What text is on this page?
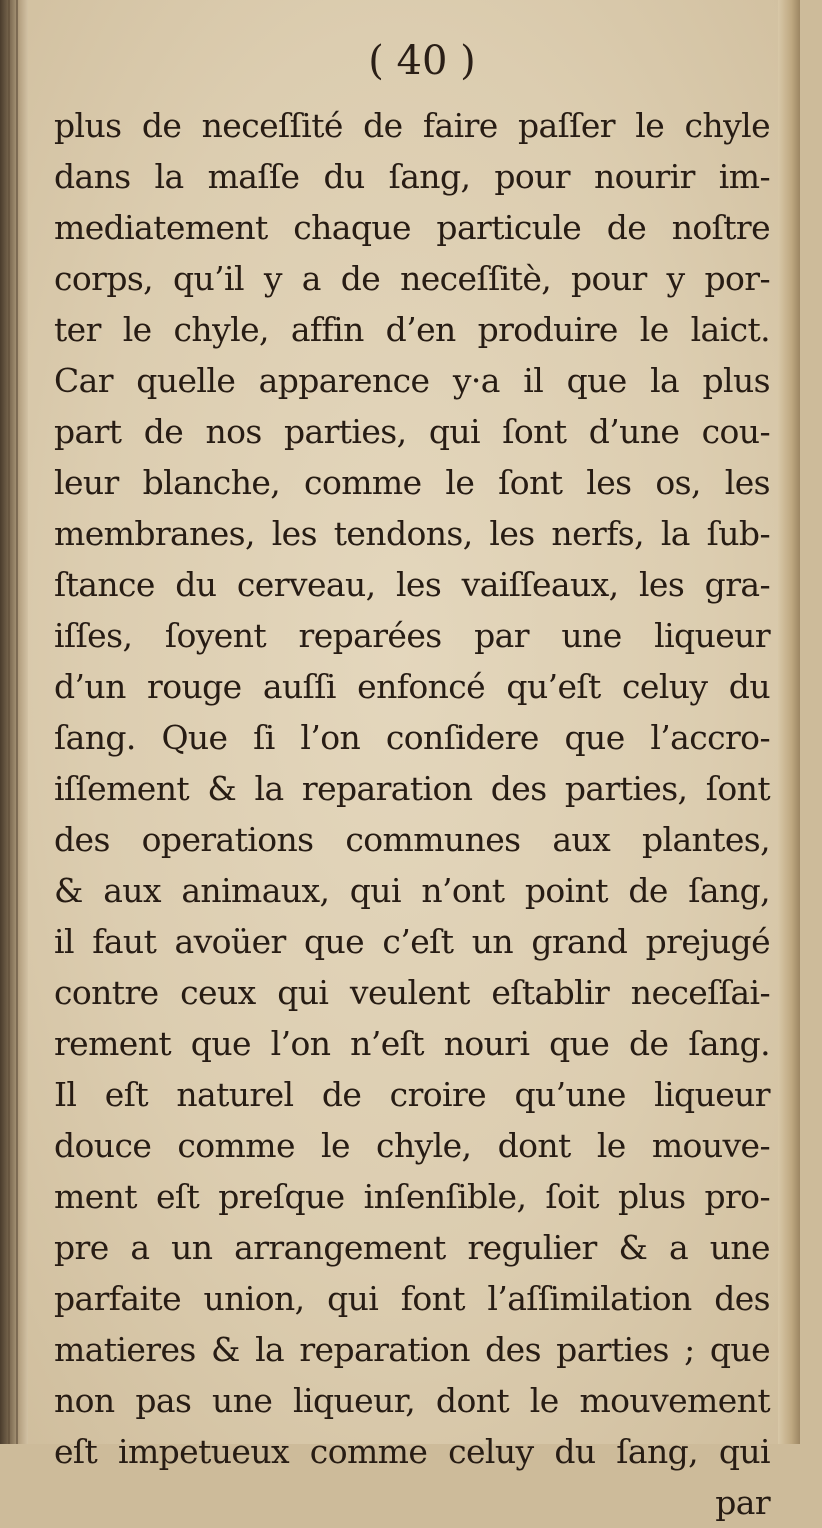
( 40 )
plus de neceſſité de faire paſſer le chyle
dans la maſſe du ſang, pour nourir im-
mediatement chaque particule de noſtre
corps, qu’il y a de neceſſitè, pour y por-
ter le chyle, affin d’en produire le laict.
Car quelle apparence y·a il que la plus
part de nos parties, qui ſont d’une cou-
leur blanche, comme le ſont les os, les
membranes, les tendons, les nerfs, la ſub-
ſtance du cerveau, les vaiſſeaux, les gra-
iſſes, ſoyent reparées par une liqueur
d’un rouge auſſi enfoncé qu’eſt celuy du
ſang. Que ſi l’on conſidere que l’accro-
iſſement & la reparation des parties, ſont
des operations communes aux plantes,
& aux animaux, qui n’ont point de ſang,
il faut avoüer que c’eſt un grand prejugé
contre ceux qui veulent eſtablir neceſſai-
rement que l’on n’eſt nouri que de ſang.
Il eſt naturel de croire qu’une liqueur
douce comme le chyle, dont le mouve-
ment eſt preſque inſenſible, ſoit plus pro-
pre a un arrangement regulier & a une
parfaite union, qui font l’aſſimilation des
matieres & la reparation des parties ; que
non pas une liqueur, dont le mouvement
eſt impetueux comme celuy du ſang, qui
par
